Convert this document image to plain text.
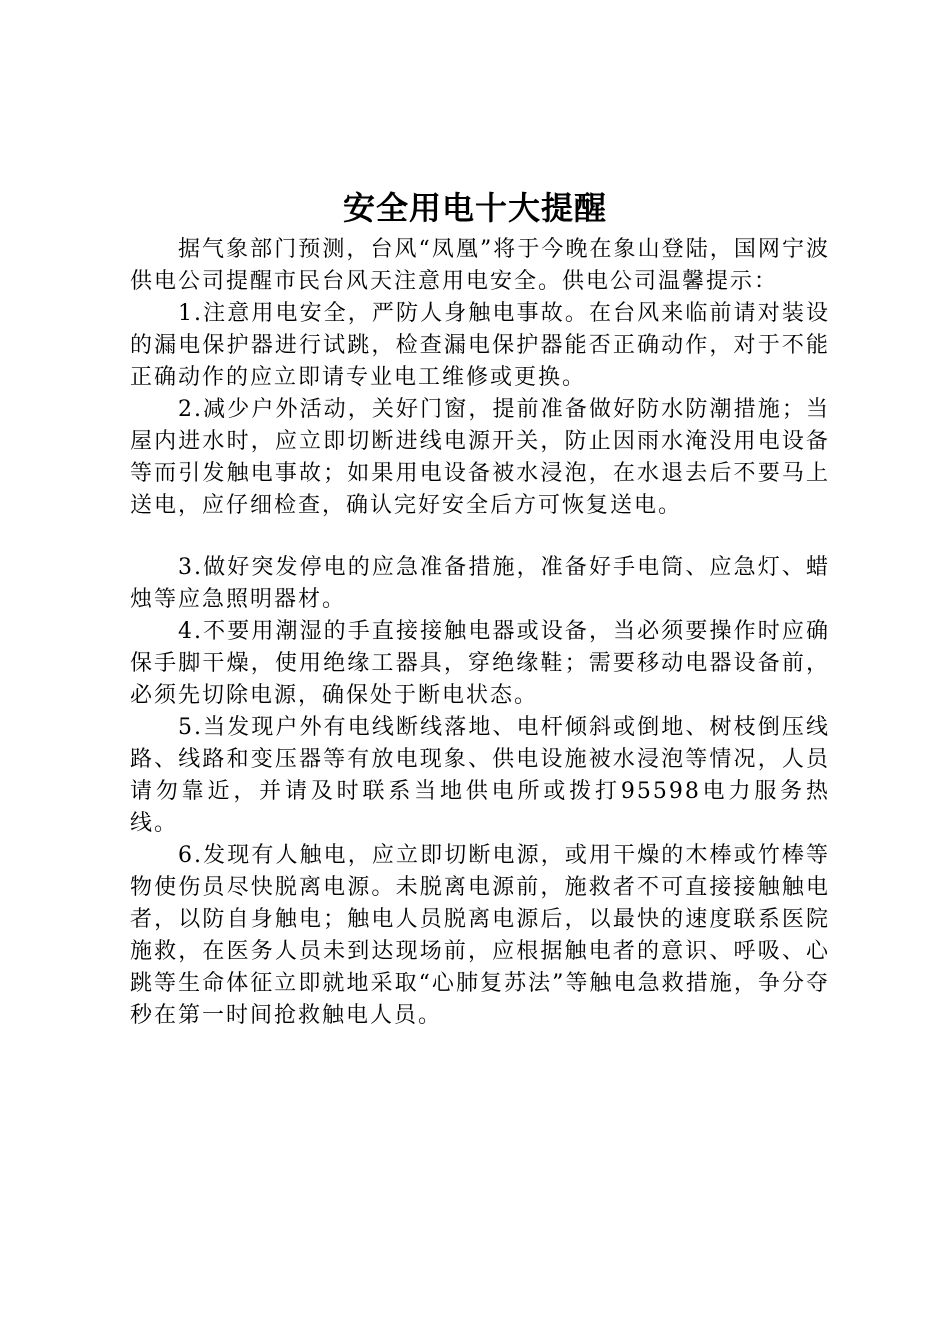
安全用电十大提醒

据气象部门预测，台风“凤凰”将于今晚在象山登陆，国网宁波供电公司提醒市民台风天注意用电安全。供电公司温馨提示：

1.注意用电安全，严防人身触电事故。在台风来临前请对装设的漏电保护器进行试跳，检查漏电保护器能否正确动作，对于不能正确动作的应立即请专业电工维修或更换。

2.减少户外活动，关好门窗，提前准备做好防水防潮措施；当屋内进水时，应立即切断进线电源开关，防止因雨水淹没用电设备等而引发触电事故；如果用电设备被水浸泡，在水退去后不要马上送电，应仔细检查，确认完好安全后方可恢复送电。

3.做好突发停电的应急准备措施，准备好手电筒、应急灯、蜡烛等应急照明器材。

4.不要用潮湿的手直接接触电器或设备，当必须要操作时应确保手脚干燥，使用绝缘工器具，穿绝缘鞋；需要移动电器设备前，必须先切除电源，确保处于断电状态。

5.当发现户外有电线断线落地、电杆倾斜或倒地、树枝倒压线路、线路和变压器等有放电现象、供电设施被水浸泡等情况，人员请勿靠近，并请及时联系当地供电所或拨打95598电力服务热线。

6.发现有人触电，应立即切断电源，或用干燥的木棒或竹棒等物使伤员尽快脱离电源。未脱离电源前，施救者不可直接接触触电者，以防自身触电；触电人员脱离电源后，以最快的速度联系医院施救，在医务人员未到达现场前，应根据触电者的意识、呼吸、心跳等生命体征立即就地采取“心肺复苏法”等触电急救措施，争分夺秒在第一时间抢救触电人员。
